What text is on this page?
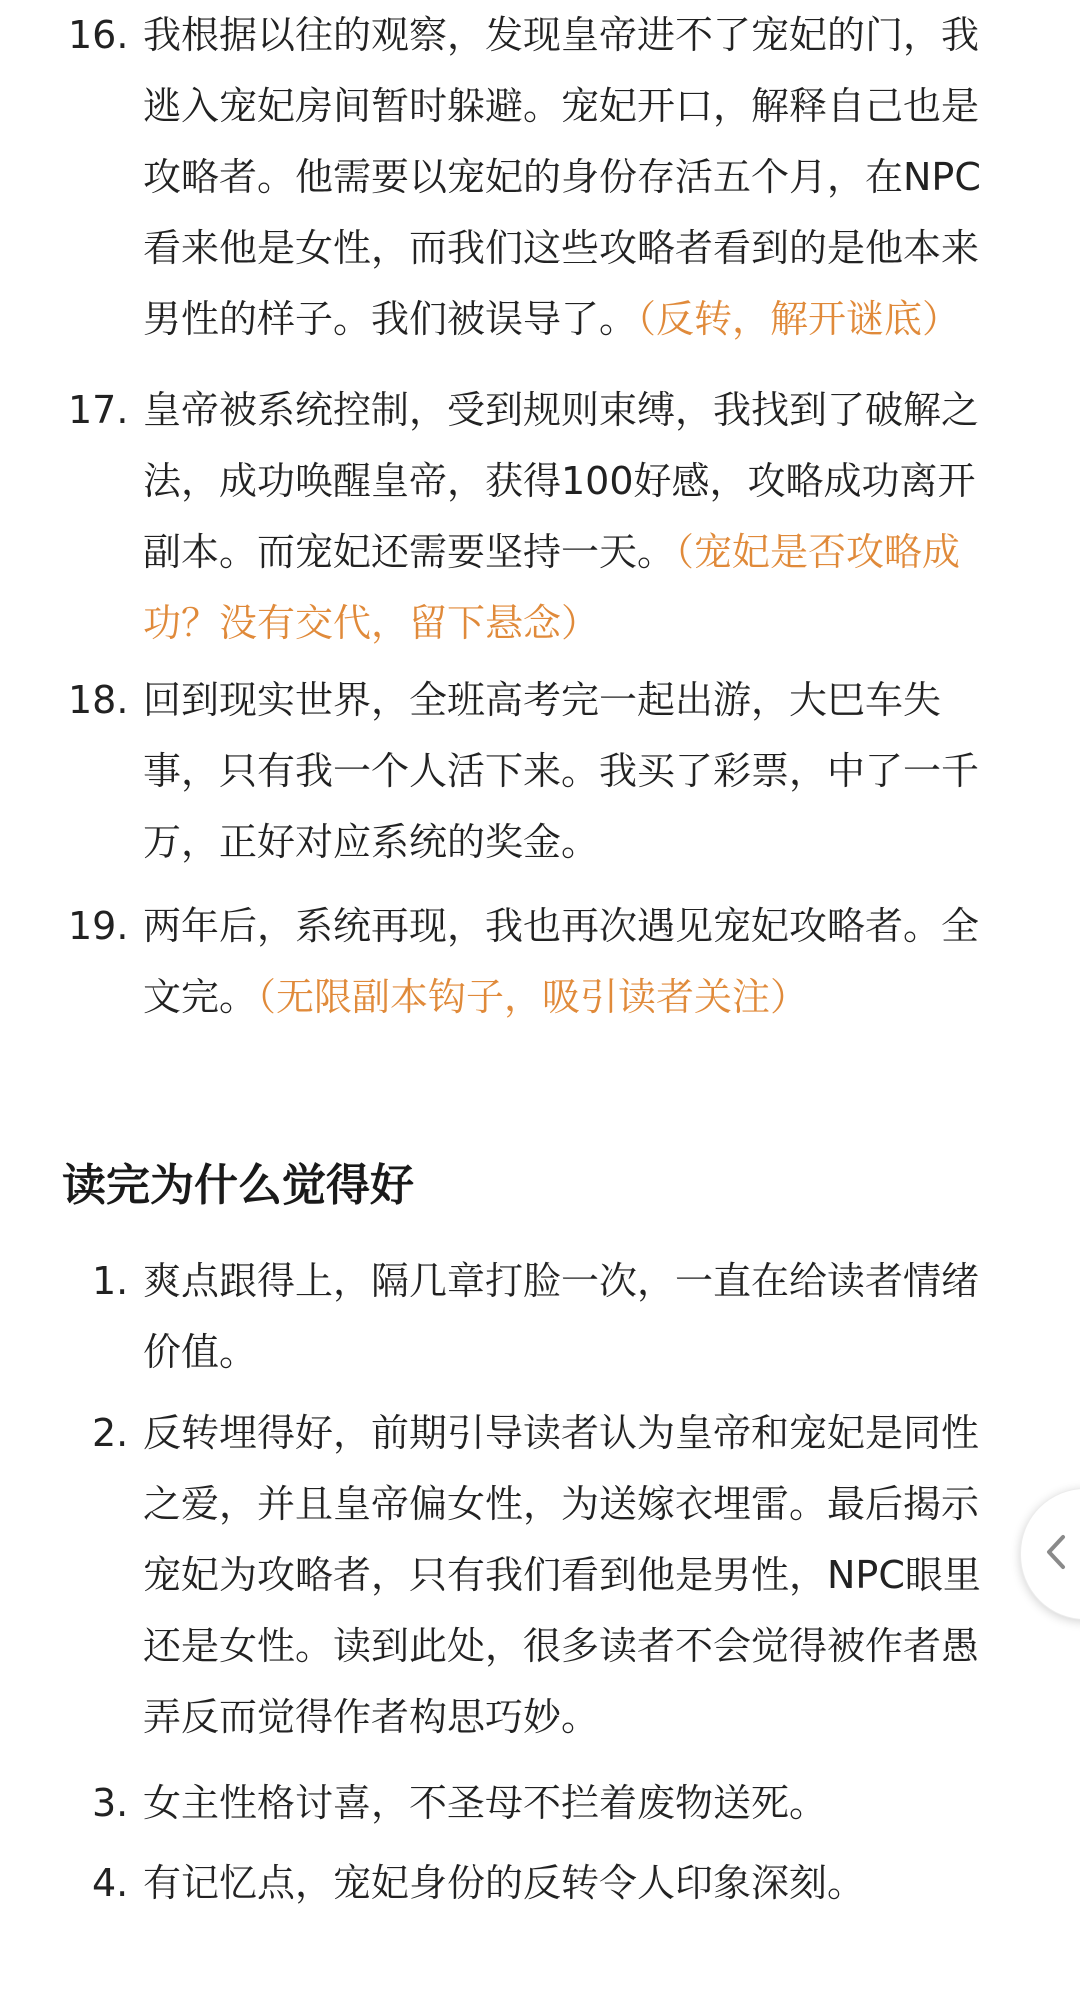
16. 我根据以往的观察，发现皇帝进不了宠妃的门，我逃入宠妃房间暂时躲避。宠妃开口，解释自己也是攻略者。他需要以宠妃的身份存活五个月，在NPC看来他是女性，而我们这些攻略者看到的是他本来男性的样子。我们被误导了。（反转，解开谜底）
17. 皇帝被系统控制，受到规则束缚，我找到了破解之法，成功唤醒皇帝，获得100好感，攻略成功离开副本。而宠妃还需要坚持一天。（宠妃是否攻略成功？没有交代，留下悬念）
18. 回到现实世界，全班高考完一起出游，大巴车失事，只有我一个人活下来。我买了彩票，中了一千万，正好对应系统的奖金。
19. 两年后，系统再现，我也再次遇见宠妃攻略者。全文完。（无限副本钩子，吸引读者关注）
读完为什么觉得好
1. 爽点跟得上，隔几章打脸一次，一直在给读者情绪价值。
2. 反转埋得好，前期引导读者认为皇帝和宠妃是同性之爱，并且皇帝偏女性，为送嫁衣埋雷。最后揭示宠妃为攻略者，只有我们看到他是男性，NPC眼里还是女性。读到此处，很多读者不会觉得被作者愚弄反而觉得作者构思巧妙。
3. 女主性格讨喜，不圣母不拦着废物送死。
4. 有记忆点，宠妃身份的反转令人印象深刻。
